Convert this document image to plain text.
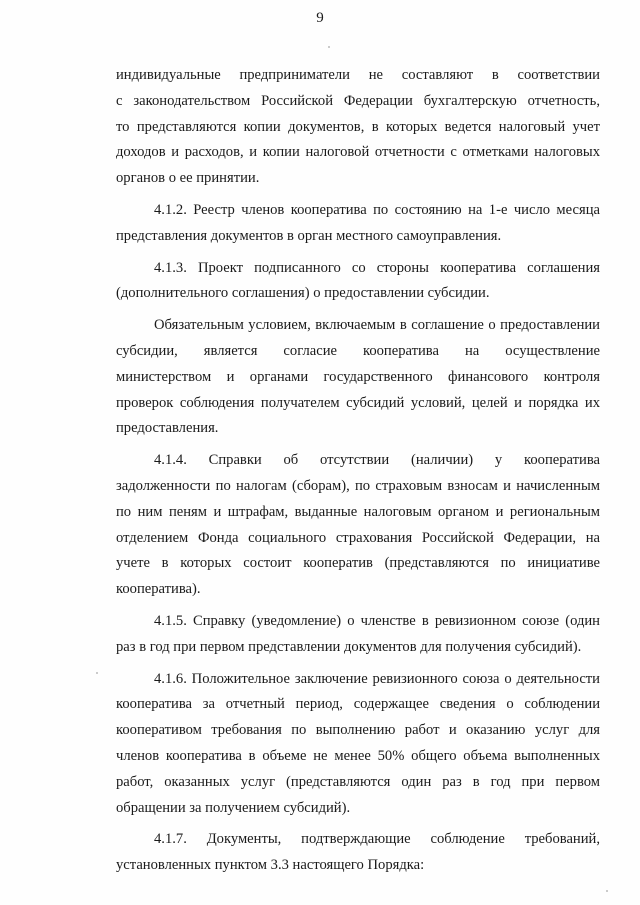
9

индивидуальные предприниматели не составляют в соответствии
с законодательством Российской Федерации бухгалтерскую отчетность,
то представляются копии документов, в которых ведется налоговый учет
доходов и расходов, и копии налоговой отчетности с отметками налоговых
органов о ее принятии.

4.1.2. Реестр членов кооператива по состоянию на 1-е число месяца
представления документов в орган местного самоуправления.

4.1.3. Проект подписанного со стороны кооператива соглашения
(дополнительного соглашения) о предоставлении субсидии.

Обязательным условием, включаемым в соглашение о предоставлении
субсидии, является согласие кооператива на осуществление
министерством и органами государственного финансового контроля
проверок соблюдения получателем субсидий условий, целей и порядка их
предоставления.

4.1.4. Справки об отсутствии (наличии) у кооператива
задолженности по налогам (сборам), по страховым взносам и начисленным
по ним пеням и штрафам, выданные налоговым органом и региональным
отделением Фонда социального страхования Российской Федерации, на
учете в которых состоит кооператив (представляются по инициативе
кооператива).

4.1.5. Справку (уведомление) о членстве в ревизионном союзе (один
раз в год при первом представлении документов для получения субсидий).

4.1.6. Положительное заключение ревизионного союза о деятельности
кооператива за отчетный период, содержащее сведения о соблюдении
кооперативом требования по выполнению работ и оказанию услуг для
членов кооператива в объеме не менее 50% общего объема выполненных
работ, оказанных услуг (представляются один раз в год при первом
обращении за получением субсидий).

4.1.7. Документы, подтверждающие соблюдение требований,
установленных пунктом 3.3 настоящего Порядка:
